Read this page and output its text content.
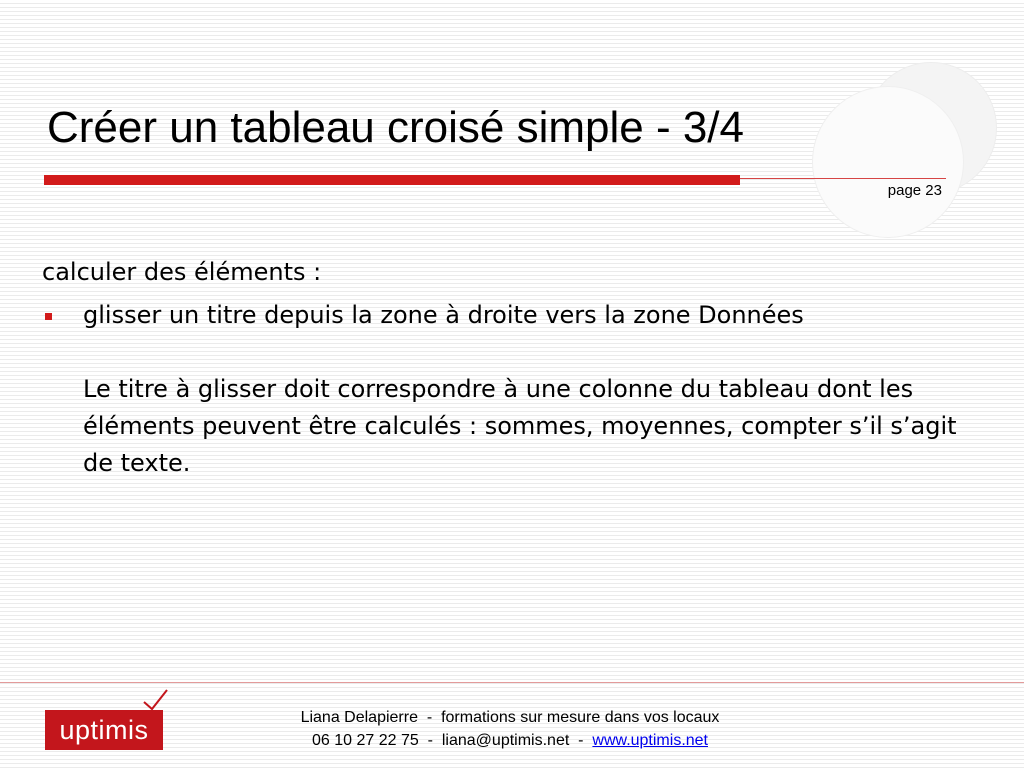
Créer un tableau croisé simple - 3/4
page 23

calculer des éléments :

glisser un titre depuis la zone à droite vers la zone Données
Le titre à glisser doit correspondre à une colonne du tableau dont les éléments peuvent être calculés : sommes, moyennes, compter s’il s’agit de texte.
uptimis	Liana Delapierre  -  formations sur mesure dans vos locaux
06 10 27 22 75  -  liana@uptimis.net  -  www.uptimis.net
